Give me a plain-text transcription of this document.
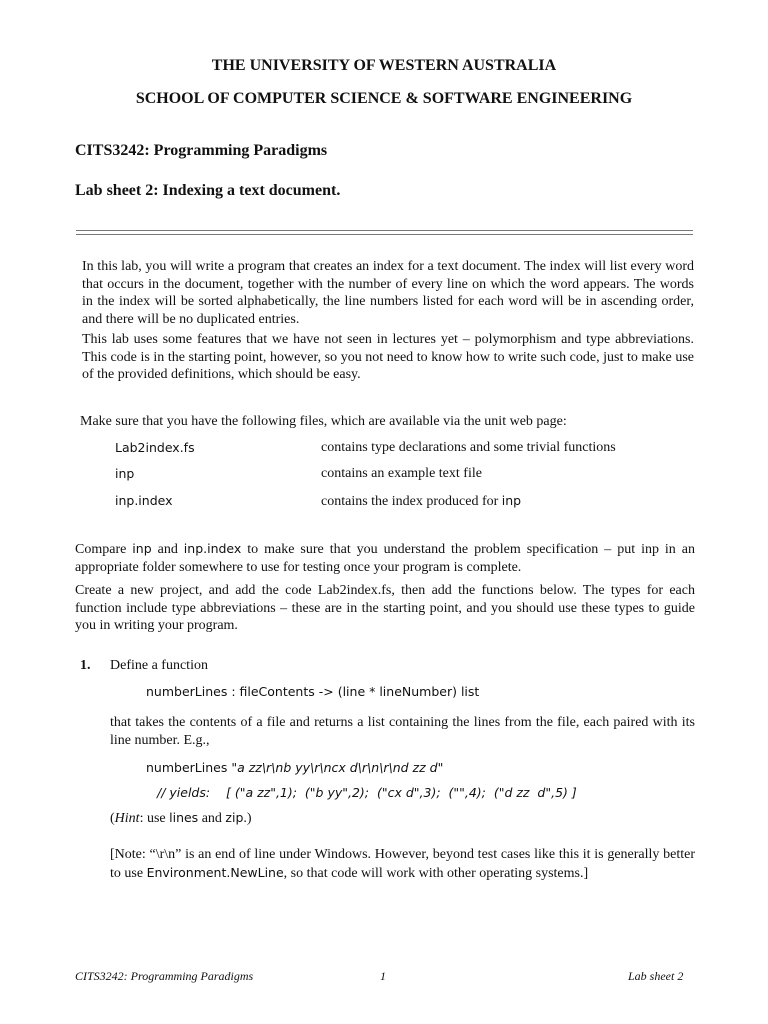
THE UNIVERSITY OF WESTERN AUSTRALIA
SCHOOL OF COMPUTER SCIENCE & SOFTWARE ENGINEERING
CITS3242: Programming Paradigms
Lab sheet 2: Indexing a text document.
In this lab, you will write a program that creates an index for a text document. The index will list every word that occurs in the document, together with the number of every line on which the word appears. The words in the index will be sorted alphabetically, the line numbers listed for each word will be in ascending order, and there will be no duplicated entries.
This lab uses some features that we have not seen in lectures yet – polymorphism and type abbreviations. This code is in the starting point, however, so you not need to know how to write such code, just to make use of the provided definitions, which should be easy.
Make sure that you have the following files, which are available via the unit web page:
Lab2index.fs	contains type declarations and some trivial functions
inp	contains an example text file
inp.index	contains the index produced for inp
Compare inp and inp.index to make sure that you understand the problem specification – put inp in an appropriate folder somewhere to use for testing once your program is complete.
Create a new project, and add the code Lab2index.fs, then add the functions below. The types for each function include type abbreviations – these are in the starting point, and you should use these types to guide you in writing your program.
1. Define a function
numberLines : fileContents -> (line * lineNumber) list
that takes the contents of a file and returns a list containing the lines from the file, each paired with its line number. E.g.,
numberLines "a zz\r\nb yy\r\ncx d\r\n\r\nd zz d"
// yields:    [ ("a zz",1);  ("b yy",2);  ("cx d",3);  ("",4);  ("d zz  d",5) ]
(Hint: use lines and zip.)
[Note: “\r\n” is an end of line under Windows. However, beyond test cases like this it is generally better to use Environment.NewLine, so that code will work with other operating systems.]
CITS3242: Programming Paradigms	1	Lab sheet 2
